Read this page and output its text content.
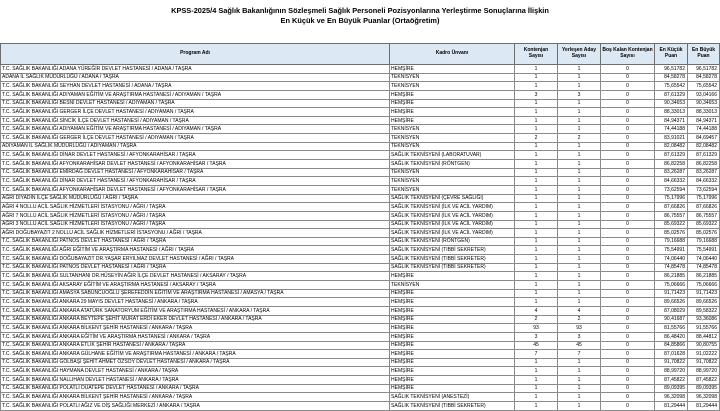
KPSS-2025/4 Sağlık Bakanlığının Sözleşmeli Sağlık Personeli Pozisyonlarına Yerleştirme Sonuçlarına İlişkin
En Küçük ve En Büyük Puanlar (Ortaöğretim)
Program Adı	Kadro Ünvanı	Kontenjan Sayısı	Yerleşen Aday Sayısı	Boş Kalan Kontenjan Sayısı	En Küçük Puan	En Büyük Puan
T.C. SAĞLIK BAKANLIĞI ADANA YÜREĞİR DEVLET HASTANESİ / ADANA / TAŞRA	HEMŞİRE	1	1	0	96,51782	96,51782
ADANA İL SAĞLIK MÜDÜRLÜĞÜ / ADANA / TAŞRA	TEKNİSYEN	1	1	0	84,58278	84,58278
T.C. SAĞLIK BAKANLIĞI SEYHAN DEVLET HASTANESİ / ADANA / TAŞRA	TEKNİSYEN	1	1	0	75,65542	75,65542
T.C. SAĞLIK BAKANLIĞI ADIYAMAN EĞİTİM VE ARAŞTIRMA HASTANESİ / ADIYAMAN / TAŞRA	HEMŞİRE	3	3	0	87,61329	93,04166
T.C. SAĞLIK BAKANLIĞI BESNİ DEVLET HASTANESİ / ADIYAMAN / TAŞRA	HEMŞİRE	1	1	0	90,34653	90,34653
T.C. SAĞLIK BAKANLIĞI GERGER İLÇE DEVLET HASTANESİ / ADIYAMAN / TAŞRA	HEMŞİRE	1	1	0	88,33013	88,33013
T.C. SAĞLIK BAKANLIĞI SİNCİK İLÇE DEVLET HASTANESİ / ADIYAMAN / TAŞRA	HEMŞİRE	1	1	0	84,94371	84,94371
T.C. SAĞLIK BAKANLIĞI ADIYAMAN EĞİTİM VE ARAŞTIRMA HASTANESİ / ADIYAMAN / TAŞRA	TEKNİSYEN	1	1	0	74,44188	74,44188
T.C. SAĞLIK BAKANLIĞI GERGER İLÇE DEVLET HASTANESİ / ADIYAMAN / TAŞRA	TEKNİSYEN	2	2	0	83,91021	84,69457
ADIYAMAN İL SAĞLIK MÜDÜRLÜĞÜ / ADIYAMAN / TAŞRA	TEKNİSYEN	1	1	0	82,08482	82,08482
T.C. SAĞLIK BAKANLIĞI DİNAR DEVLET HASTANESİ / AFYONKARAHİSAR / TAŞRA	SAĞLIK TEKNİSYENİ (LABORATUVAR)	1	1	0	87,61329	87,61329
T.C. SAĞLIK BAKANLIĞI AFYONKARAHİSAR DEVLET HASTANESİ / AFYONKARAHİSAR / TAŞRA	SAĞLIK TEKNİSYENİ (RÖNTGEN)	1	1	0	86,82258	86,82258
T.C. SAĞLIK BAKANLIĞI EMİRDAĞ DEVLET HASTANESİ / AFYONKARAHİSAR / TAŞRA	TEKNİSYEN	1	1	0	83,26287	83,26287
T.C. SAĞLIK BAKANLIĞI DİNAR DEVLET HASTANESİ / AFYONKARAHİSAR / TAŞRA	TEKNİSYEN	1	1	0	84,66332	84,66332
T.C. SAĞLIK BAKANLIĞI AFYONKARAHİSAR DEVLET HASTANESİ / AFYONKARAHİSAR / TAŞRA	TEKNİSYEN	1	1	0	73,62594	73,62594
AĞRI DİYADİN İLÇE SAĞLIK MÜDÜRLÜĞÜ / AĞRI / TAŞRA	SAĞLIK TEKNİSYENİ (ÇEVRE SAĞLIĞI)	1	1	0	75,17996	75,17996
AĞRI 4 NOLLU ACİL SAĞLIK HİZMETLERİ İSTASYONU / AĞRI / TAŞRA	SAĞLIK TEKNİSYENİ (İLK VE ACİL YARDIM)	1	1	0	87,66826	87,66826
AĞRI 7 NOLLU ACİL SAĞLIK HİZMETLERİ İSTASYONU / AĞRI / TAŞRA	SAĞLIK TEKNİSYENİ (İLK VE ACİL YARDIM)	1	1	0	86,75557	86,75557
AĞRI 3 NOLLU ACİL SAĞLIK HİZMETLERİ İSTASYONU / AĞRI / TAŞRA	SAĞLIK TEKNİSYENİ (İLK VE ACİL YARDIM)	1	1	0	85,69322	85,69322
AĞRI DOĞUBAYAZIT 2 NOLLU ACİL SAĞLIK HİZMETLERİ İSTASYONU / AĞRI / TAŞRA	SAĞLIK TEKNİSYENİ (İLK VE ACİL YARDIM)	1	1	0	85,02576	85,02576
T.C. SAĞLIK BAKANLIĞI PATNOS DEVLET HASTANESİ / AĞRI / TAŞRA	SAĞLIK TEKNİSYENİ (RÖNTGEN)	1	1	0	79,16688	79,16688
T.C. SAĞLIK BAKANLIĞI AĞRI EĞİTİM VE ARAŞTIRMA HASTANESİ / AĞRI / TAŞRA	SAĞLIK TEKNİSYENİ (TIBBİ SEKRETER)	1	1	0	75,54991	75,54991
T.C. SAĞLIK BAKANLIĞI DOĞUBAYAZIT DR.YAŞAR ERYILMAZ DEVLET HASTANESİ / AĞRI / TAŞRA	SAĞLIK TEKNİSYENİ (TIBBİ SEKRETER)	1	1	0	74,06440	74,06440
T.C. SAĞLIK BAKANLIĞI PATNOS DEVLET HASTANESİ / AĞRI / TAŞRA	SAĞLIK TEKNİSYENİ (TIBBİ SEKRETER)	1	1	0	74,85478	74,85478
T.C. SAĞLIK BAKANLIĞI SULTANHANI DR.HÜSEYİN AĞIR İLÇE DEVLET HASTANESİ / AKSARAY / TAŞRA	HEMŞİRE	1	1	0	86,21885	86,21885
T.C. SAĞLIK BAKANLIĞI AKSARAY EĞİTİM VE ARAŞTIRMA HASTANESİ / AKSARAY / TAŞRA	TEKNİSYEN	1	1	0	75,06666	75,06666
T.C. SAĞLIK BAKANLIĞI AMASYA SABUNCUOĞLU ŞEREFEDDİN EĞİTİM VE ARAŞTIRMA HASTANESİ / AMASYA / TAŞRA	HEMŞİRE	1	1	0	91,71423	91,71423
T.C. SAĞLIK BAKANLIĞI ANKARA 29 MAYIS DEVLET HASTANESİ / ANKARA / TAŞRA	HEMŞİRE	1	1	0	89,66526	89,66526
T.C. SAĞLIK BAKANLIĞI ANKARA ATATÜRK SANATORYUM EĞİTİM VE ARAŞTIRMA HASTANESİ / ANKARA / TAŞRA	HEMŞİRE	4	4	0	87,08029	89,58322
T.C. SAĞLIK BAKANLIĞI ANKARA BEYTEPE ŞEHİT MURAT ERDİ EKER DEVLET HASTANESİ / ANKARA / TAŞRA	HEMŞİRE	2	2	0	90,41687	93,36086
T.C. SAĞLIK BAKANLIĞI ANKARA BİLKENT ŞEHİR HASTANESİ / ANKARA / TAŞRA	HEMŞİRE	93	93	0	81,55766	91,55766
T.C. SAĞLIK BAKANLIĞI ANKARA EĞİTİM VE ARAŞTIRMA HASTANESİ / ANKARA / TAŞRA	HEMŞİRE	3	3	0	86,48420	88,44812
T.C. SAĞLIK BAKANLIĞI ANKARA ETLİK ŞEHİR HASTANESİ / ANKARA / TAŞRA	HEMŞİRE	45	45	0	84,85866	90,80755
T.C. SAĞLIK BAKANLIĞI ANKARA GÜLHANE EĞİTİM VE ARAŞTIRMA HASTANESİ / ANKARA / TAŞRA	HEMŞİRE	7	7	0	87,01628	91,02222
T.C. SAĞLIK BAKANLIĞI GÖLBAŞI ŞEHİT AHMET ÖZSOY DEVLET HASTANESİ / ANKARA / TAŞRA	HEMŞİRE	1	1	0	91,70822	91,70822
T.C. SAĞLIK BAKANLIĞI HAYMANA DEVLET HASTANESİ / ANKARA / TAŞRA	HEMŞİRE	1	1	0	88,99720	88,99720
T.C. SAĞLIK BAKANLIĞI NALLIHAN DEVLET HASTANESİ / ANKARA / TAŞRA	HEMŞİRE	1	1	0	87,45822	87,45822
T.C. SAĞLIK BAKANLIĞI POLATLI DUATEPE DEVLET HASTANESİ / ANKARA / TAŞRA	HEMŞİRE	1	1	0	89,09395	89,09395
T.C. SAĞLIK BAKANLIĞI ANKARA BİLKENT ŞEHİR HASTANESİ / ANKARA / TAŞRA	SAĞLIK TEKNİSYENİ (ANESTEZİ)	1	1	0	96,32098	96,32098
T.C. SAĞLIK BAKANLIĞI POLATLI AĞIZ VE DİŞ SAĞLIĞI MERKEZİ / ANKARA / TAŞRA	SAĞLIK TEKNİSYENİ (TIBBİ SEKRETER)	1	1	0	81,29444	81,29444
